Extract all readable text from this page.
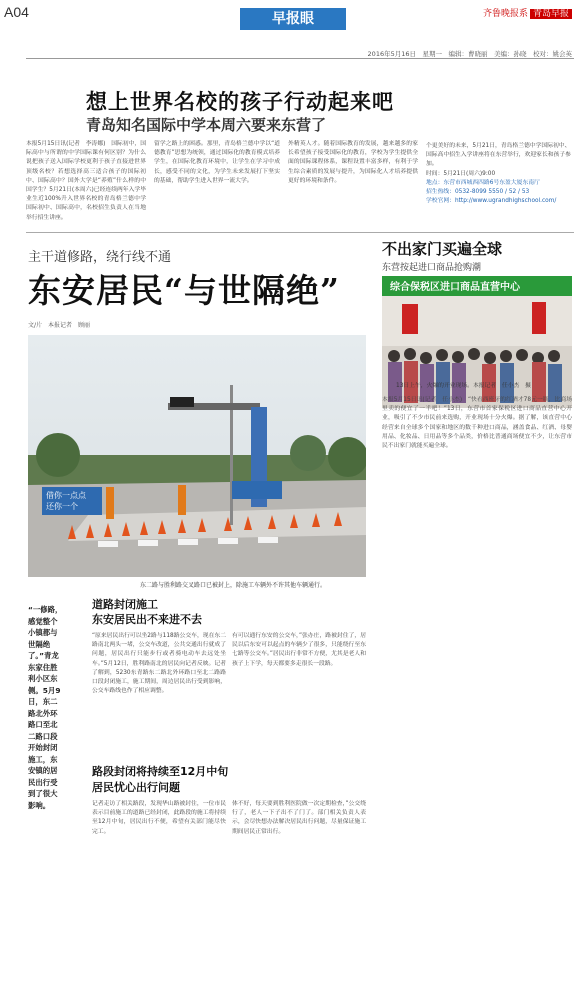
A04	早报眼	齐鲁晚报系 青岛早报
2016年5月16日　星期一　编辑：曹晓丽　美编：孙晓　校对：姚会英
想上世界名校的孩子行动起来吧
青岛知名国际中学本周六要来东营了
本报5月15日讯(记者　李涛娜)　国际初中，国际高中与所谓的中学国际课有何区别？为什么说把孩子送入国际学校更利于孩子直接进世界顶级名校？若想选择高三适合孩子的国际初中、国际高中？国外大学是“养殖”什么样的中国学生？5月21日(本周六)已经连续两年入学毕业生近100%升入世界名校的青岛格兰德中学国际初中、国际高中，名校招生负责人在当地举行招生讲座。
留学之路上的困惑。那里，青岛格兰德中学以“道德教育”思想为统领，通过国际化的教育模式培养学生，在国际化教育环境中，让学生在学习中成长，感受不同的文化，为学生未来发展打下坚实的基础，帮助学生进入世界一流大学。
外精英人才。随着国际教育的发展，越来越多的家长希望孩子接受国际化的教育，学校为学生提供全面的国际课程体系，课程设置丰富多样，有利于学生综合素质的发展与提升，为国际化人才培养提供更好的环境和条件。
个更美好的未来，5月21日，青岛格兰德中学国际初中、国际高中招生入学讲座将在东营举行，欢迎家长和孩子参加。
时间：5月21日(周六)9:00
地点：东营市西城西四路6号东盈大厦东南厅
招生热线：0532-8099 5550 / 52 / 53
学校官网：http://www.ugrandhighschool.com/
主干道修路，绕行线不通
东安居民“与世隔绝”
文/片　本报记者　顾丽
借你一点点
还你一个
东二路与胜利路交叉路口已被封上，除施工车辆外不许其他车辆通行。
“一修路，感觉整个小镇都与世隔绝了。”青龙东家住胜利小区东侧。5月9日，东二路北外环路口至北二路口段开始封闭施工，东安镇的居民出行受到了很大影响。
道路封闭施工
东安居民出不来进不去
“原来居民出行可以坐2路与118路公交车，现在东二路南北两头一堵，公交车改道，公共交通出行就成了问题，居民出行只能步行或者骑电动车去远处坐车。”5月12日，胜利路南北的居民向记者反映。记者了解到，5230东青路东二路北外环路口至北二路路口段封闭施工，施工期间，周边居民出行受到影响，公交车路线也作了相应调整。
有可以通行东安的公交车，”张办庄，路被封住了，居民以后东安可以起点的车辆少了很多，只能绕行至东七路等公交车。”居民出行非常不方便，尤其是老人和孩子上下学，每天都要多走很长一段路。
路段封闭将持续至12月中旬
居民忧心出行问题
记者走访了相关路段，发现华山路被封住，一位市民表示目前施工的道路已经封闭，此路段的施工将持续至12月中旬，居民出行不便，希望有关部门能尽快完工。
体不好，每天要到胜利医院做一次定期检查，”公交绕行了，老人一下子出不了门了。部门相关负责人表示，会尽快想办法解决居民出行问题，尽量保证施工期间居民正常出行。
不出家门买遍全球
东营按起进口商品抢购潮
综合保税区进口商品直营中心
13日上午，火爆的开业现场。本报记者　任小杰　摄
本报5月15日讯(记者　任小杰)　“快看西班牙的红酒才78元一瓶，比商场里卖的便宜了一半吧！”13日，东营市首家保税区进口商品直营中心开业，吸引了不少市民前来选购，开业现场十分火爆。据了解，该直营中心经营来自全球多个国家和地区的数千种进口商品，涵盖食品、红酒、母婴用品、化妆品、日用品等多个品类，价格比普通商场便宜不少，让东营市民不出家门就能买遍全球。
